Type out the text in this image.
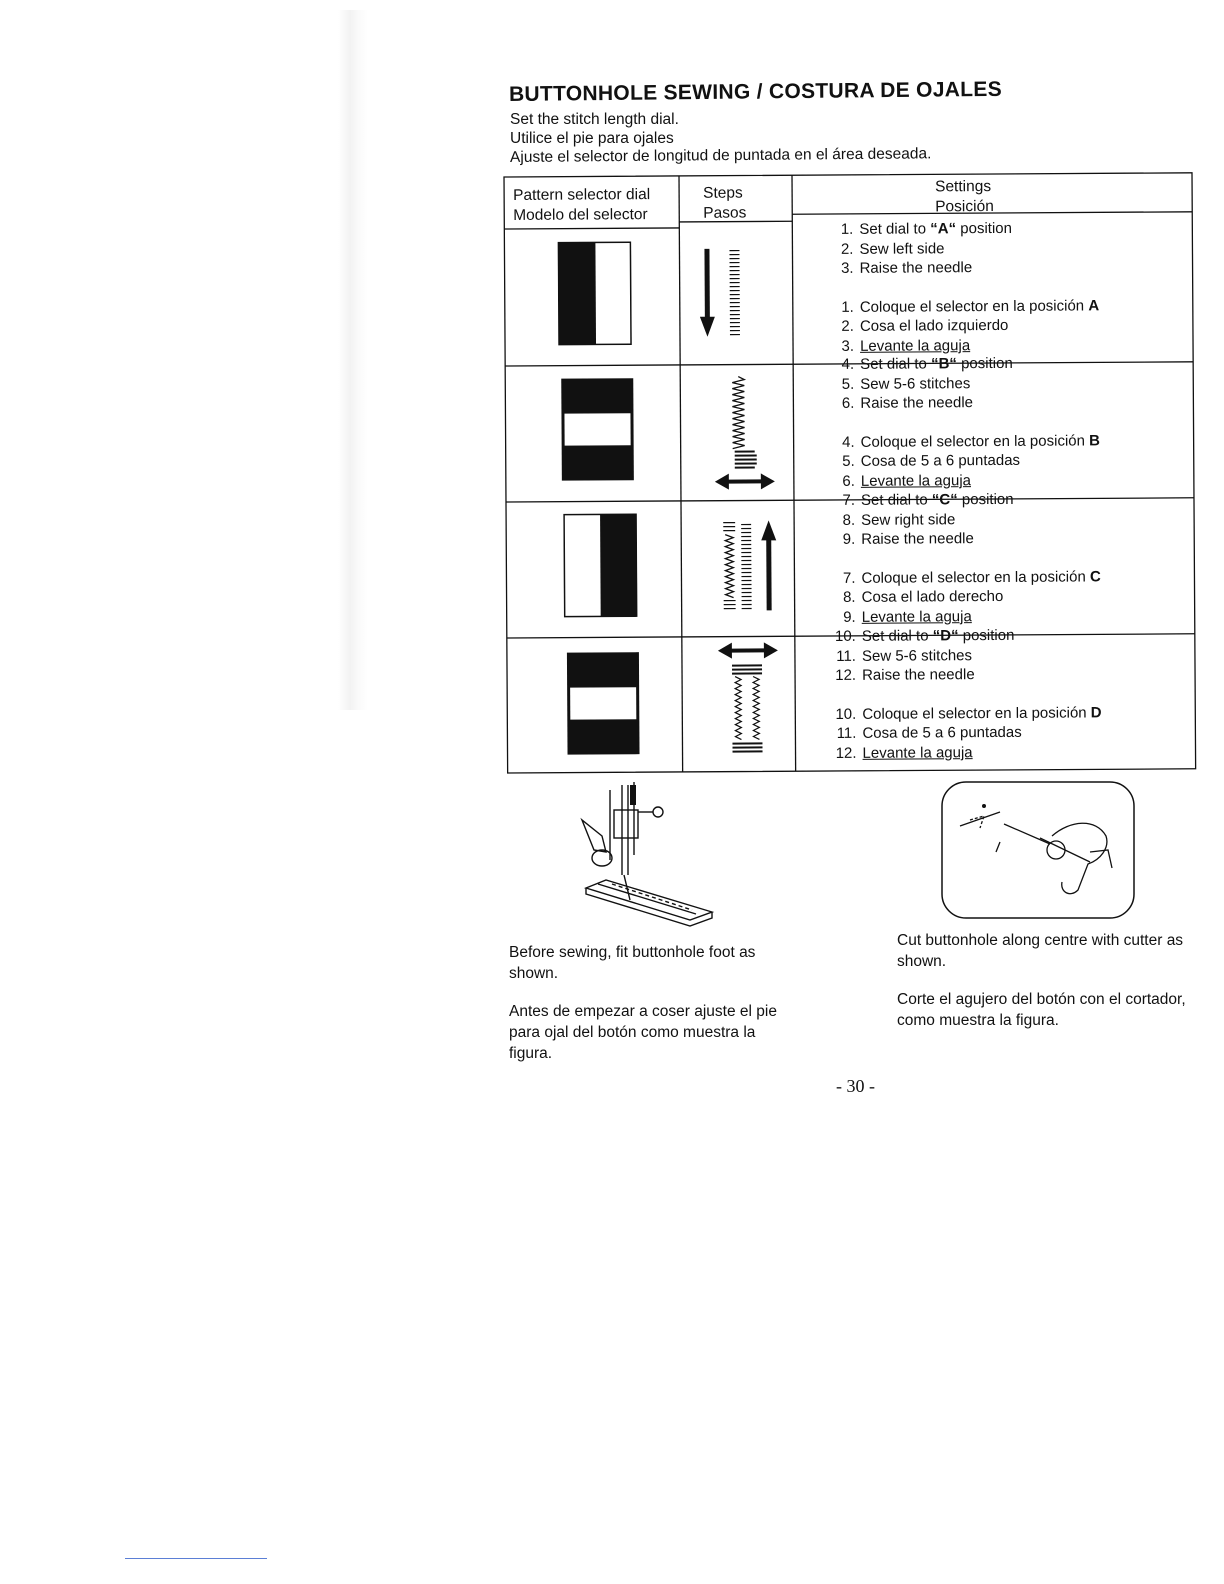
BUTTONHOLE SEWING / COSTURA DE OJALES
Set the stitch length dial.
Utilice el pie para ojales
Ajuste el selector de longitud de puntada en el área deseada.
Pattern selector dial
Modelo del selector
Steps
Pasos
Settings
Posición
1. Set dial to “A“ position
2. Sew left side
3. Raise the needle
1. Coloque el selector en la posición A
2. Cosa el lado izquierdo
3. Levante la aguja
4. Set dial to “B“ position
5. Sew 5-6 stitches
6. Raise the needle
4. Coloque el selector en la posición B
5. Cosa de 5 a 6 puntadas
6. Levante la aguja
7. Set dial to “C“ position
8. Sew right side
9. Raise the needle
7. Coloque el selector en la posición C
8. Cosa el lado derecho
9. Levante la aguja
10. Set dial to “D“ position
11. Sew 5-6 stitches
12. Raise the needle
10. Coloque el selector en la posición D
11. Cosa de 5 a 6 puntadas
12. Levante la aguja

Before sewing, fit buttonhole foot as shown.

Antes de empezar a coser ajuste el pie para ojal del botón como muestra la figura.

Cut buttonhole along centre with cutter as shown.

Corte el agujero del botón con el cortador, como muestra la figura.

- 30 -
